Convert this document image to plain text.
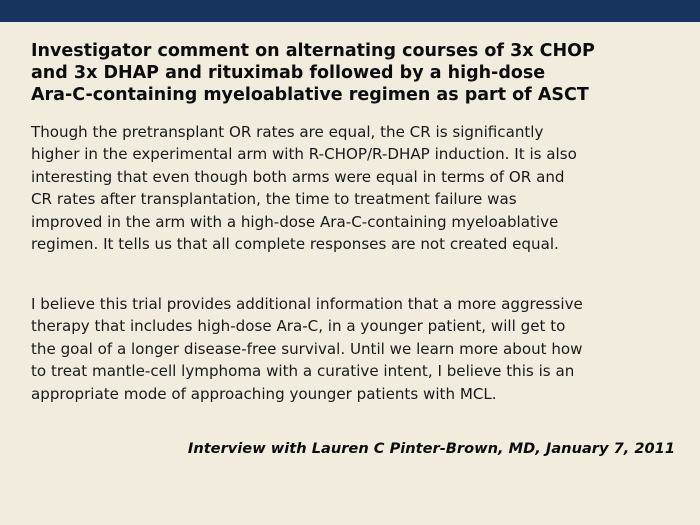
Investigator comment on alternating courses of 3x CHOP
and 3x DHAP and rituximab followed by a high-dose
Ara-C-containing myeloablative regimen as part of ASCT

Though the pretransplant OR rates are equal, the CR is significantly
higher in the experimental arm with R-CHOP/R-DHAP induction. It is also
interesting that even though both arms were equal in terms of OR and
CR rates after transplantation, the time to treatment failure was
improved in the arm with a high-dose Ara-C-containing myeloablative
regimen. It tells us that all complete responses are not created equal.

I believe this trial provides additional information that a more aggressive
therapy that includes high-dose Ara-C, in a younger patient, will get to
the goal of a longer disease-free survival. Until we learn more about how
to treat mantle-cell lymphoma with a curative intent, I believe this is an
appropriate mode of approaching younger patients with MCL.

Interview with Lauren C Pinter-Brown, MD, January 7, 2011
